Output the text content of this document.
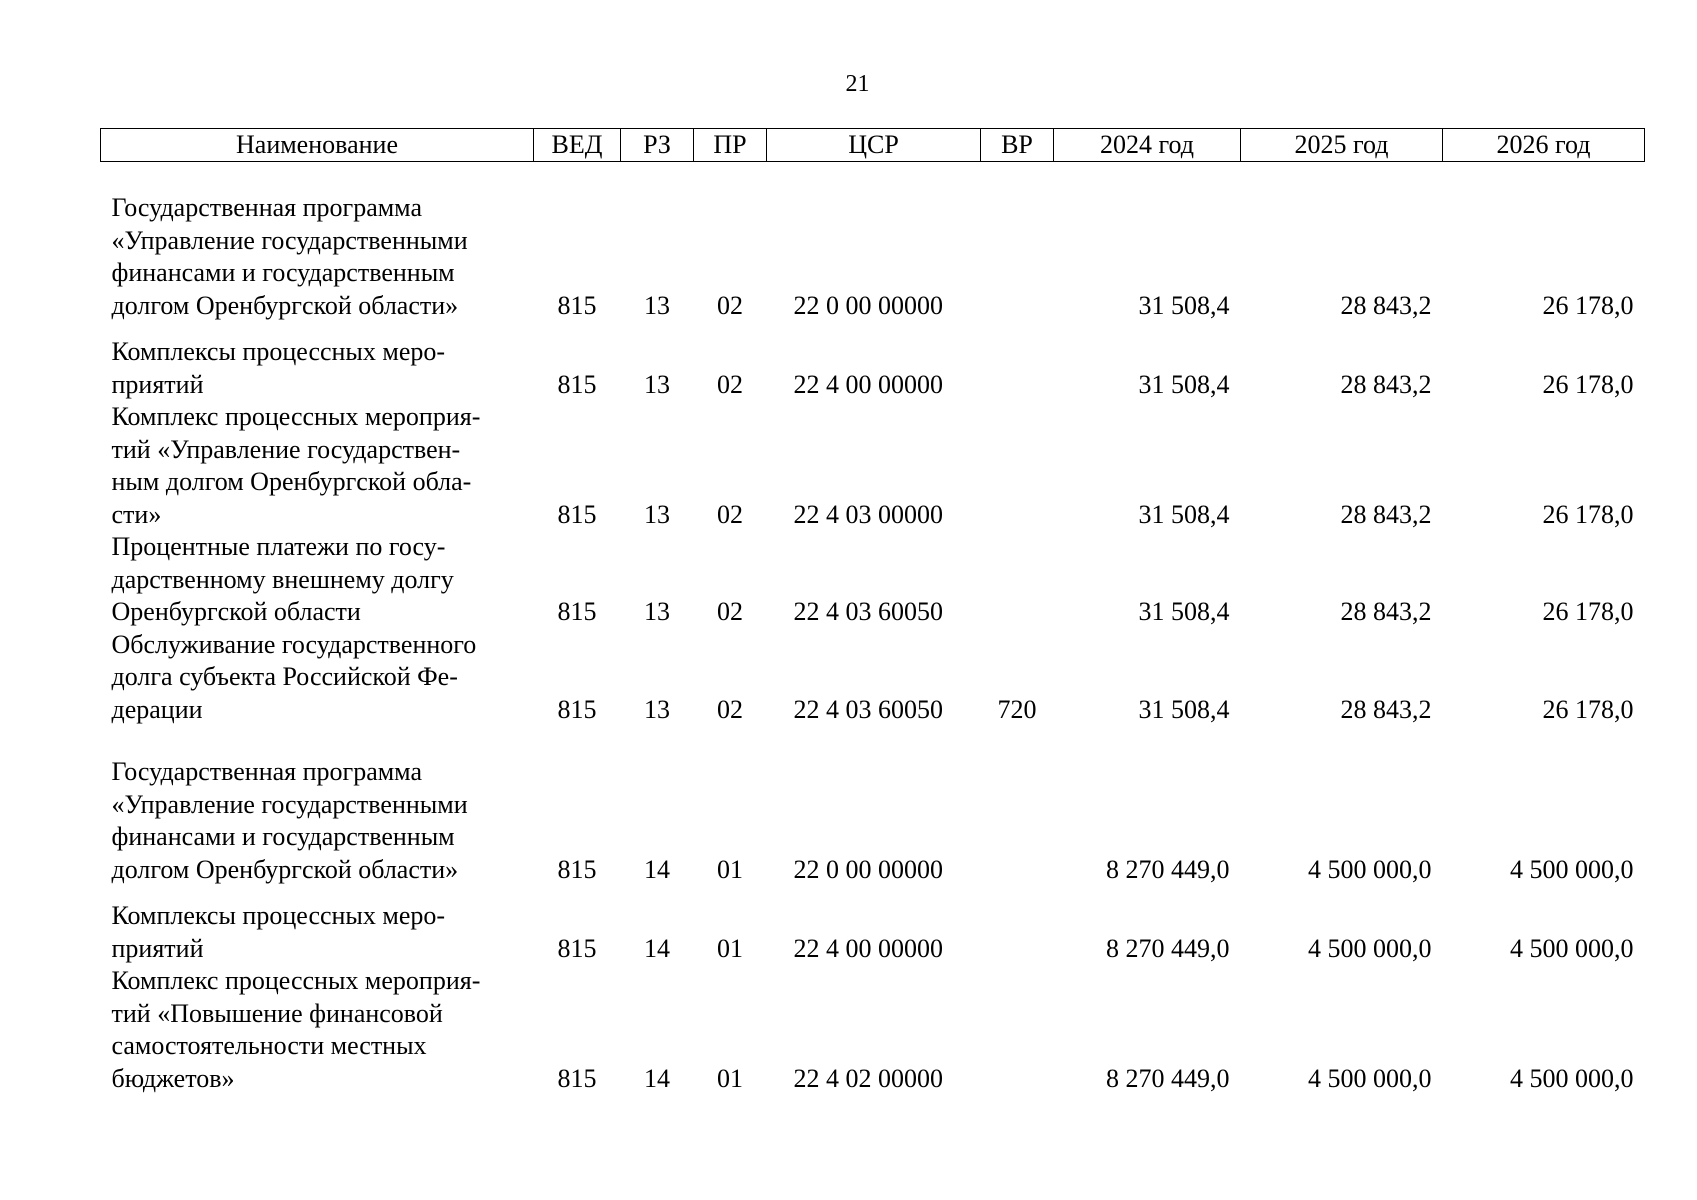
21
Наименование	ВЕД	РЗ	ПР	ЦСР	ВР	2024 год	2025 год	2026 год
Государственная программа
«Управление государственными
финансами и государственным
долгом Оренбургской области»	815	13	02	22 0 00 00000		31 508,4	28 843,2	26 178,0
Комплексы процессных меро-
приятий	815	13	02	22 4 00 00000		31 508,4	28 843,2	26 178,0
Комплекс процессных мероприя-
тий «Управление государствен-
ным долгом Оренбургской обла-
сти»	815	13	02	22 4 03 00000		31 508,4	28 843,2	26 178,0
Процентные платежи по госу-
дарственному внешнему долгу
Оренбургской области	815	13	02	22 4 03 60050		31 508,4	28 843,2	26 178,0
Обслуживание государственного
долга субъекта Российской Фе-
дерации	815	13	02	22 4 03 60050	720	31 508,4	28 843,2	26 178,0
Государственная программа
«Управление государственными
финансами и государственным
долгом Оренбургской области»	815	14	01	22 0 00 00000		8 270 449,0	4 500 000,0	4 500 000,0
Комплексы процессных меро-
приятий	815	14	01	22 4 00 00000		8 270 449,0	4 500 000,0	4 500 000,0
Комплекс процессных мероприя-
тий «Повышение финансовой
самостоятельности местных
бюджетов»	815	14	01	22 4 02 00000		8 270 449,0	4 500 000,0	4 500 000,0
